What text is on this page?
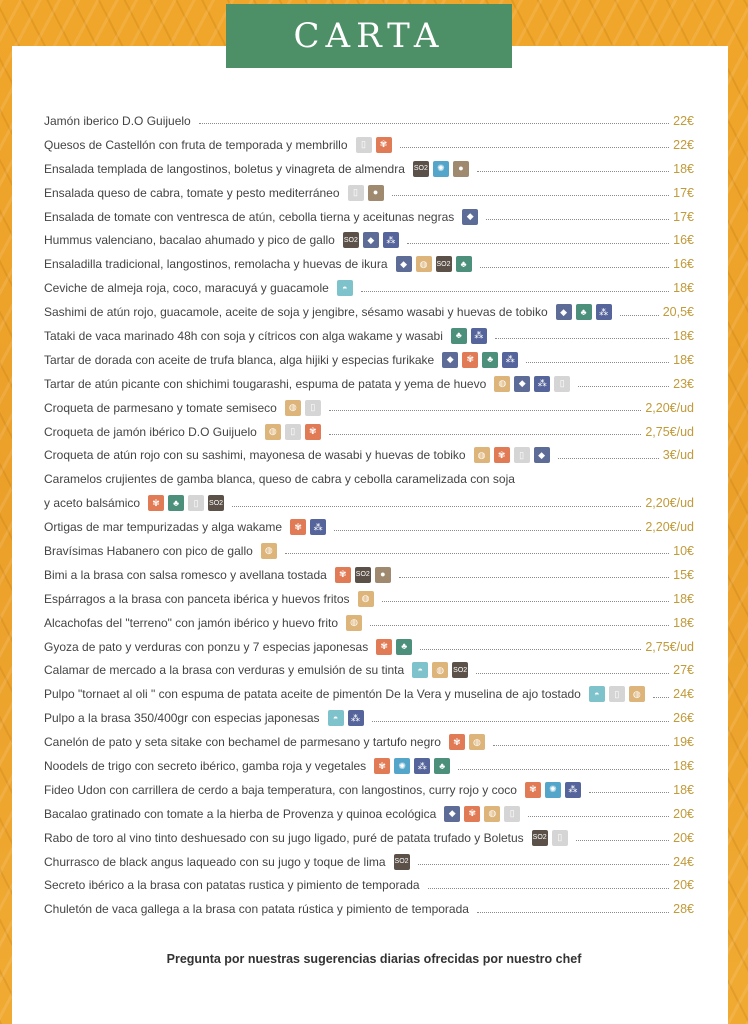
CARTA
Jamón iberico D.O Guijuelo	22€
Quesos de Castellón con fruta de temporada y membrillo	▯	✾	22€
Ensalada templada de langostinos, boletus y vinagreta de almendra SO2	✺	●	18€
Ensalada queso de cabra, tomate y pesto mediterráneo	▯	●	17€
Ensalada de tomate con ventresca de atún, cebolla tierna y aceitunas negras	◆	17€
Hummus valenciano, bacalao ahumado y pico de gallo SO2	◆	⁂	16€
Ensaladilla tradicional, langostinos, remolacha y huevas de ikura	◆	◍	SO2	♣	16€
Ceviche de almeja roja, coco, maracuyá y guacamole	◓	18€
Sashimi de atún rojo, guacamole, aceite de soja y jengibre, sésamo wasabi y huevas de tobiko	◆	♣	⁂	20,5€
Tataki de vaca marinado 48h con soja y cítricos con alga wakame y wasabi	♣	⁂	18€
Tartar de dorada con aceite de trufa blanca, alga hijiki y especias furikake	◆	✾	♣	⁂	18€
Tartar de atún picante con shichimi tougarashi, espuma de patata y yema de huevo	◍	◆	⁂	▯	23€
Croqueta de parmesano y tomate semiseco	◍	▯	2,20€/ud
Croqueta de jamón ibérico D.O Guijuelo	◍	▯	✾	2,75€/ud
Croqueta de atún rojo con su sashimi, mayonesa de wasabi y huevas de tobiko	◍	✾	▯	◆	3€/ud
Caramelos crujientes de gamba blanca, queso de cabra y cebolla caramelizada con soja
y aceto balsámico	✾	♣	▯	SO2	2,20€/ud
Ortigas de mar tempurizadas y alga wakame	✾	⁂	2,20€/ud
Bravísimas Habanero con pico de gallo	◍	10€
Bimi a la brasa con salsa romesco y avellana tostada	✾	SO2	●	15€
Espárragos a la brasa con panceta ibérica y huevos fritos	◍	18€
Alcachofas del "terreno" con jamón ibérico y huevo frito	◍	18€
Gyoza de pato y verduras con ponzu y 7 especias japonesas	✾	♣	2,75€/ud
Calamar de mercado a la brasa con verduras y emulsión de su tinta	◓	◍	SO2	27€
Pulpo "tornaet al oli " con espuma de patata aceite de pimentón De la Vera y muselina de ajo tostado	◓	▯	◍	24€
Pulpo a la brasa 350/400gr con especias japonesas	◓	⁂	26€
Canelón de pato y seta sitake con bechamel de parmesano y tartufo negro	✾	◍	19€
Noodels de trigo con secreto ibérico, gamba roja y vegetales	✾	✺	⁂	♣	18€
Fideo Udon con carrillera de cerdo a baja temperatura, con langostinos, curry rojo y coco	✾	✺	⁂	18€
Bacalao gratinado con tomate a la hierba de Provenza y quinoa ecológica	◆	✾	◍	▯	20€
Rabo de toro al vino tinto deshuesado con su jugo ligado, puré de patata trufado y Boletus SO2	▯	20€
Churrasco de black angus laqueado con su jugo y toque de lima SO2	24€
Secreto ibérico a la brasa con patatas rustica y pimiento de temporada	20€
Chuletón de vaca gallega a la brasa con patata rústica y pimiento de temporada	28€
Pregunta por nuestras sugerencias diarias ofrecidas por nuestro chef
